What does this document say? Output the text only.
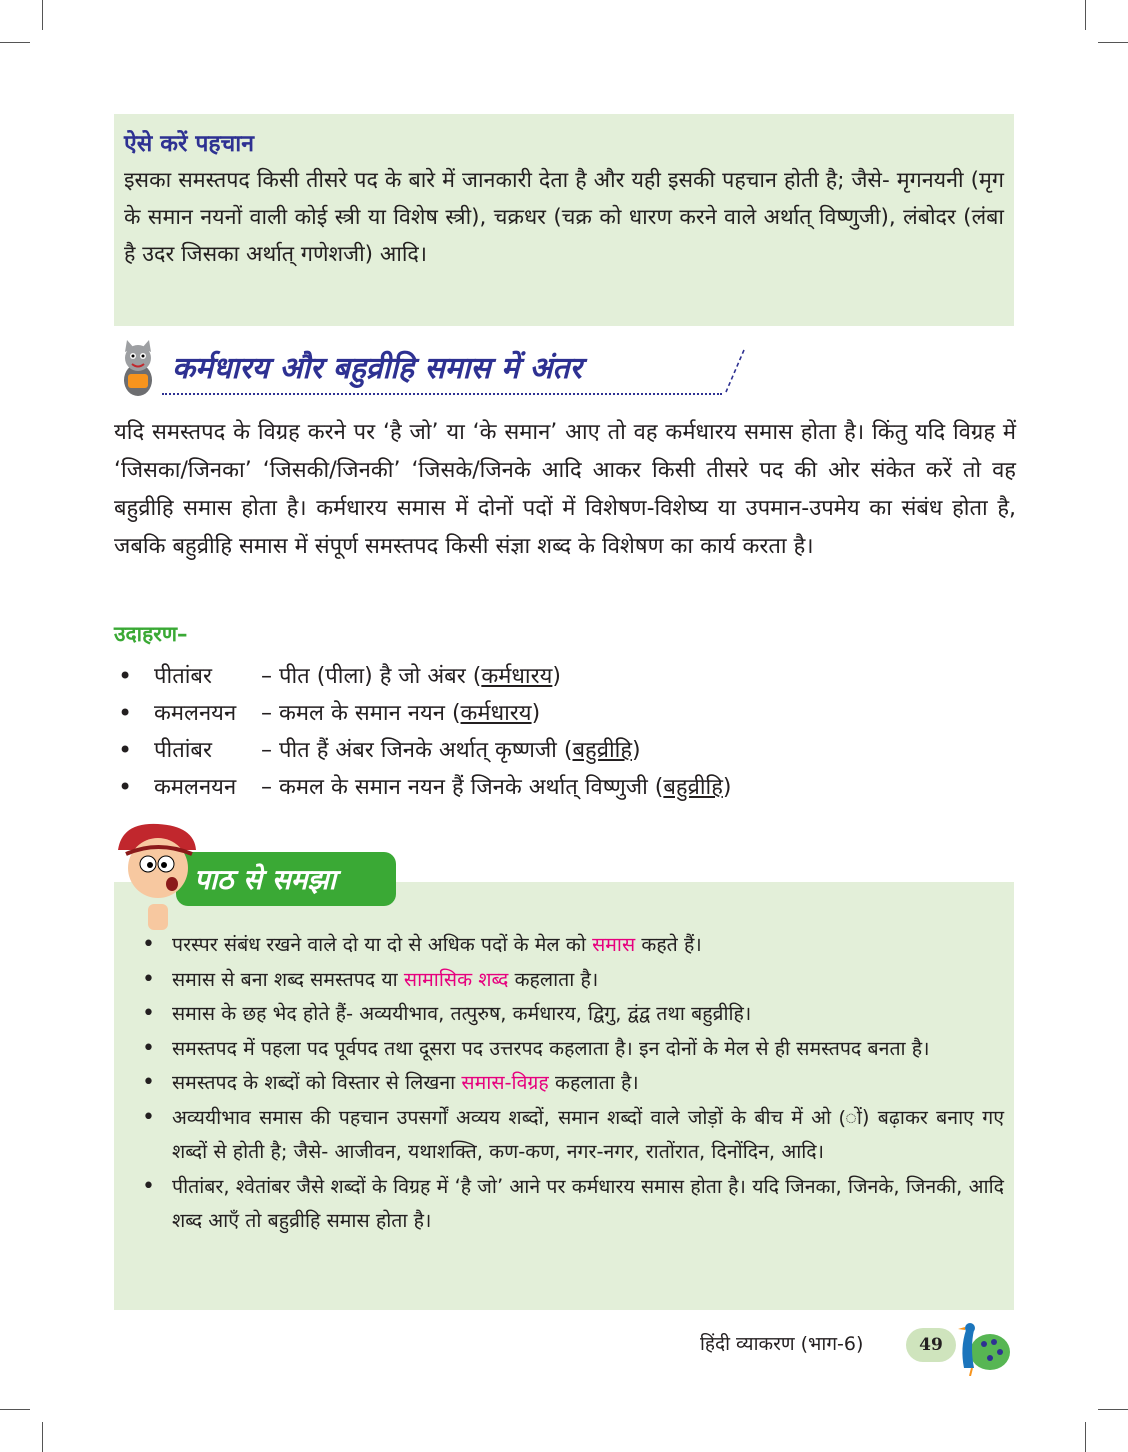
ऐसे करें पहचान

इसका समस्तपद किसी तीसरे पद के बारे में जानकारी देता है और यही इसकी पहचान होती है; जैसे- मृगनयनी (मृग के समान नयनों वाली कोई स्त्री या विशेष स्त्री), चक्रधर (चक्र को धारण करने वाले अर्थात् विष्णुजी), लंबोदर (लंबा है उदर जिसका अर्थात् गणेशजी) आदि।

कर्मधारय और बहुव्रीहि समास में अंतर

यदि समस्तपद के विग्रह करने पर ‘है जो’ या ‘के समान’ आए तो वह कर्मधारय समास होता है। किंतु यदि विग्रह में ‘जिसका/जिनका’ ‘जिसकी/जिनकी’ ‘जिसके/जिनके आदि आकर किसी तीसरे पद की ओर संकेत करें तो वह बहुव्रीहि समास होता है। कर्मधारय समास में दोनों पदों में विशेषण-विशेष्य या उपमान-उपमेय का संबंध होता है, जबकि बहुव्रीहि समास में संपूर्ण समस्तपद किसी संज्ञा शब्द के विशेषण का कार्य करता है।

उदाहरण–
• पीतांबर – पीत (पीला) है जो अंबर (कर्मधारय)
• कमलनयन – कमल के समान नयन (कर्मधारय)
• पीतांबर – पीत हैं अंबर जिनके अर्थात् कृष्णजी (बहुव्रीहि)
• कमलनयन – कमल के समान नयन हैं जिनके अर्थात् विष्णुजी (बहुव्रीहि)
• परस्पर संबंध रखने वाले दो या दो से अधिक पदों के मेल को समास कहते हैं।
• समास से बना शब्द समस्तपद या सामासिक शब्द कहलाता है।
• समास के छह भेद होते हैं- अव्ययीभाव, तत्पुरुष, कर्मधारय, द्विगु, द्वंद्व तथा बहुव्रीहि।
• समस्तपद में पहला पद पूर्वपद तथा दूसरा पद उत्तरपद कहलाता है। इन दोनों के मेल से ही समस्तपद बनता है।
• समस्तपद के शब्दों को विस्तार से लिखना समास-विग्रह कहलाता है।
• अव्ययीभाव समास की पहचान उपसर्गों अव्यय शब्दों, समान शब्दों वाले जोड़ों के बीच में ओ (ों) बढ़ाकर बनाए गए शब्दों से होती है; जैसे- आजीवन, यथाशक्ति, कण-कण, नगर-नगर, रातोंरात, दिनोंदिन, आदि।
• पीतांबर, श्वेतांबर जैसे शब्दों के विग्रह में ‘है जो’ आने पर कर्मधारय समास होता है। यदि जिनका, जिनके, जिनकी, आदि शब्द आएँ तो बहुव्रीहि समास होता है।
पाठ से समझा
हिंदी व्याकरण (भाग-6)	49
